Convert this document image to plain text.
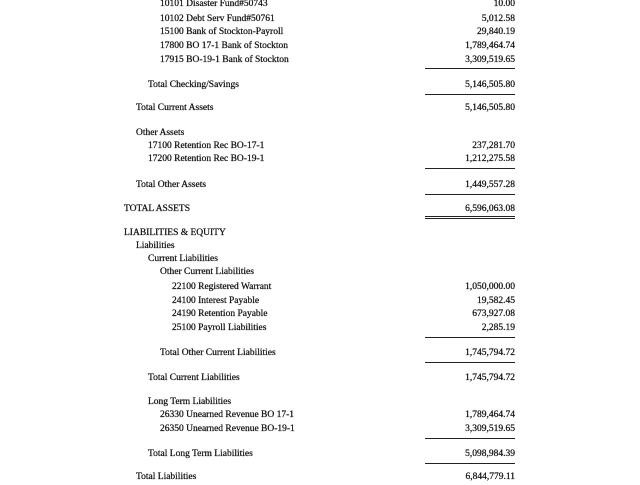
10101 Disaster Fund#50743	10.00
10102 Debt Serv Fund#50761	5,012.58
15100 Bank of Stockton-Payroll	29,840.19
17800 BO 17-1 Bank of Stockton	1,789,464.74
17915 BO-19-1 Bank of Stockton	3,309,519.65
Total Checking/Savings	5,146,505.80
Total Current Assets	5,146,505.80
Other Assets
17100 Retention Rec BO-17-1	237,281.70
17200 Retention Rec BO-19-1	1,212,275.58
Total Other Assets	1,449,557.28
TOTAL ASSETS	6,596,063.08
LIABILITIES & EQUITY
Liabilities
Current Liabilities
Other Current Liabilities
22100 Registered Warrant	1,050,000.00
24100 Interest Payable	19,582.45
24190 Retention Payable	673,927.08
25100 Payroll Liabilities	2,285.19
Total Other Current Liabilities	1,745,794.72
Total Current Liabilities	1,745,794.72
Long Term Liabilities
26330 Unearned Revenue BO 17-1	1,789,464.74
26350 Unearned Revenue BO-19-1	3,309,519.65
Total Long Term Liabilities	5,098,984.39
Total Liabilities	6,844,779.11
